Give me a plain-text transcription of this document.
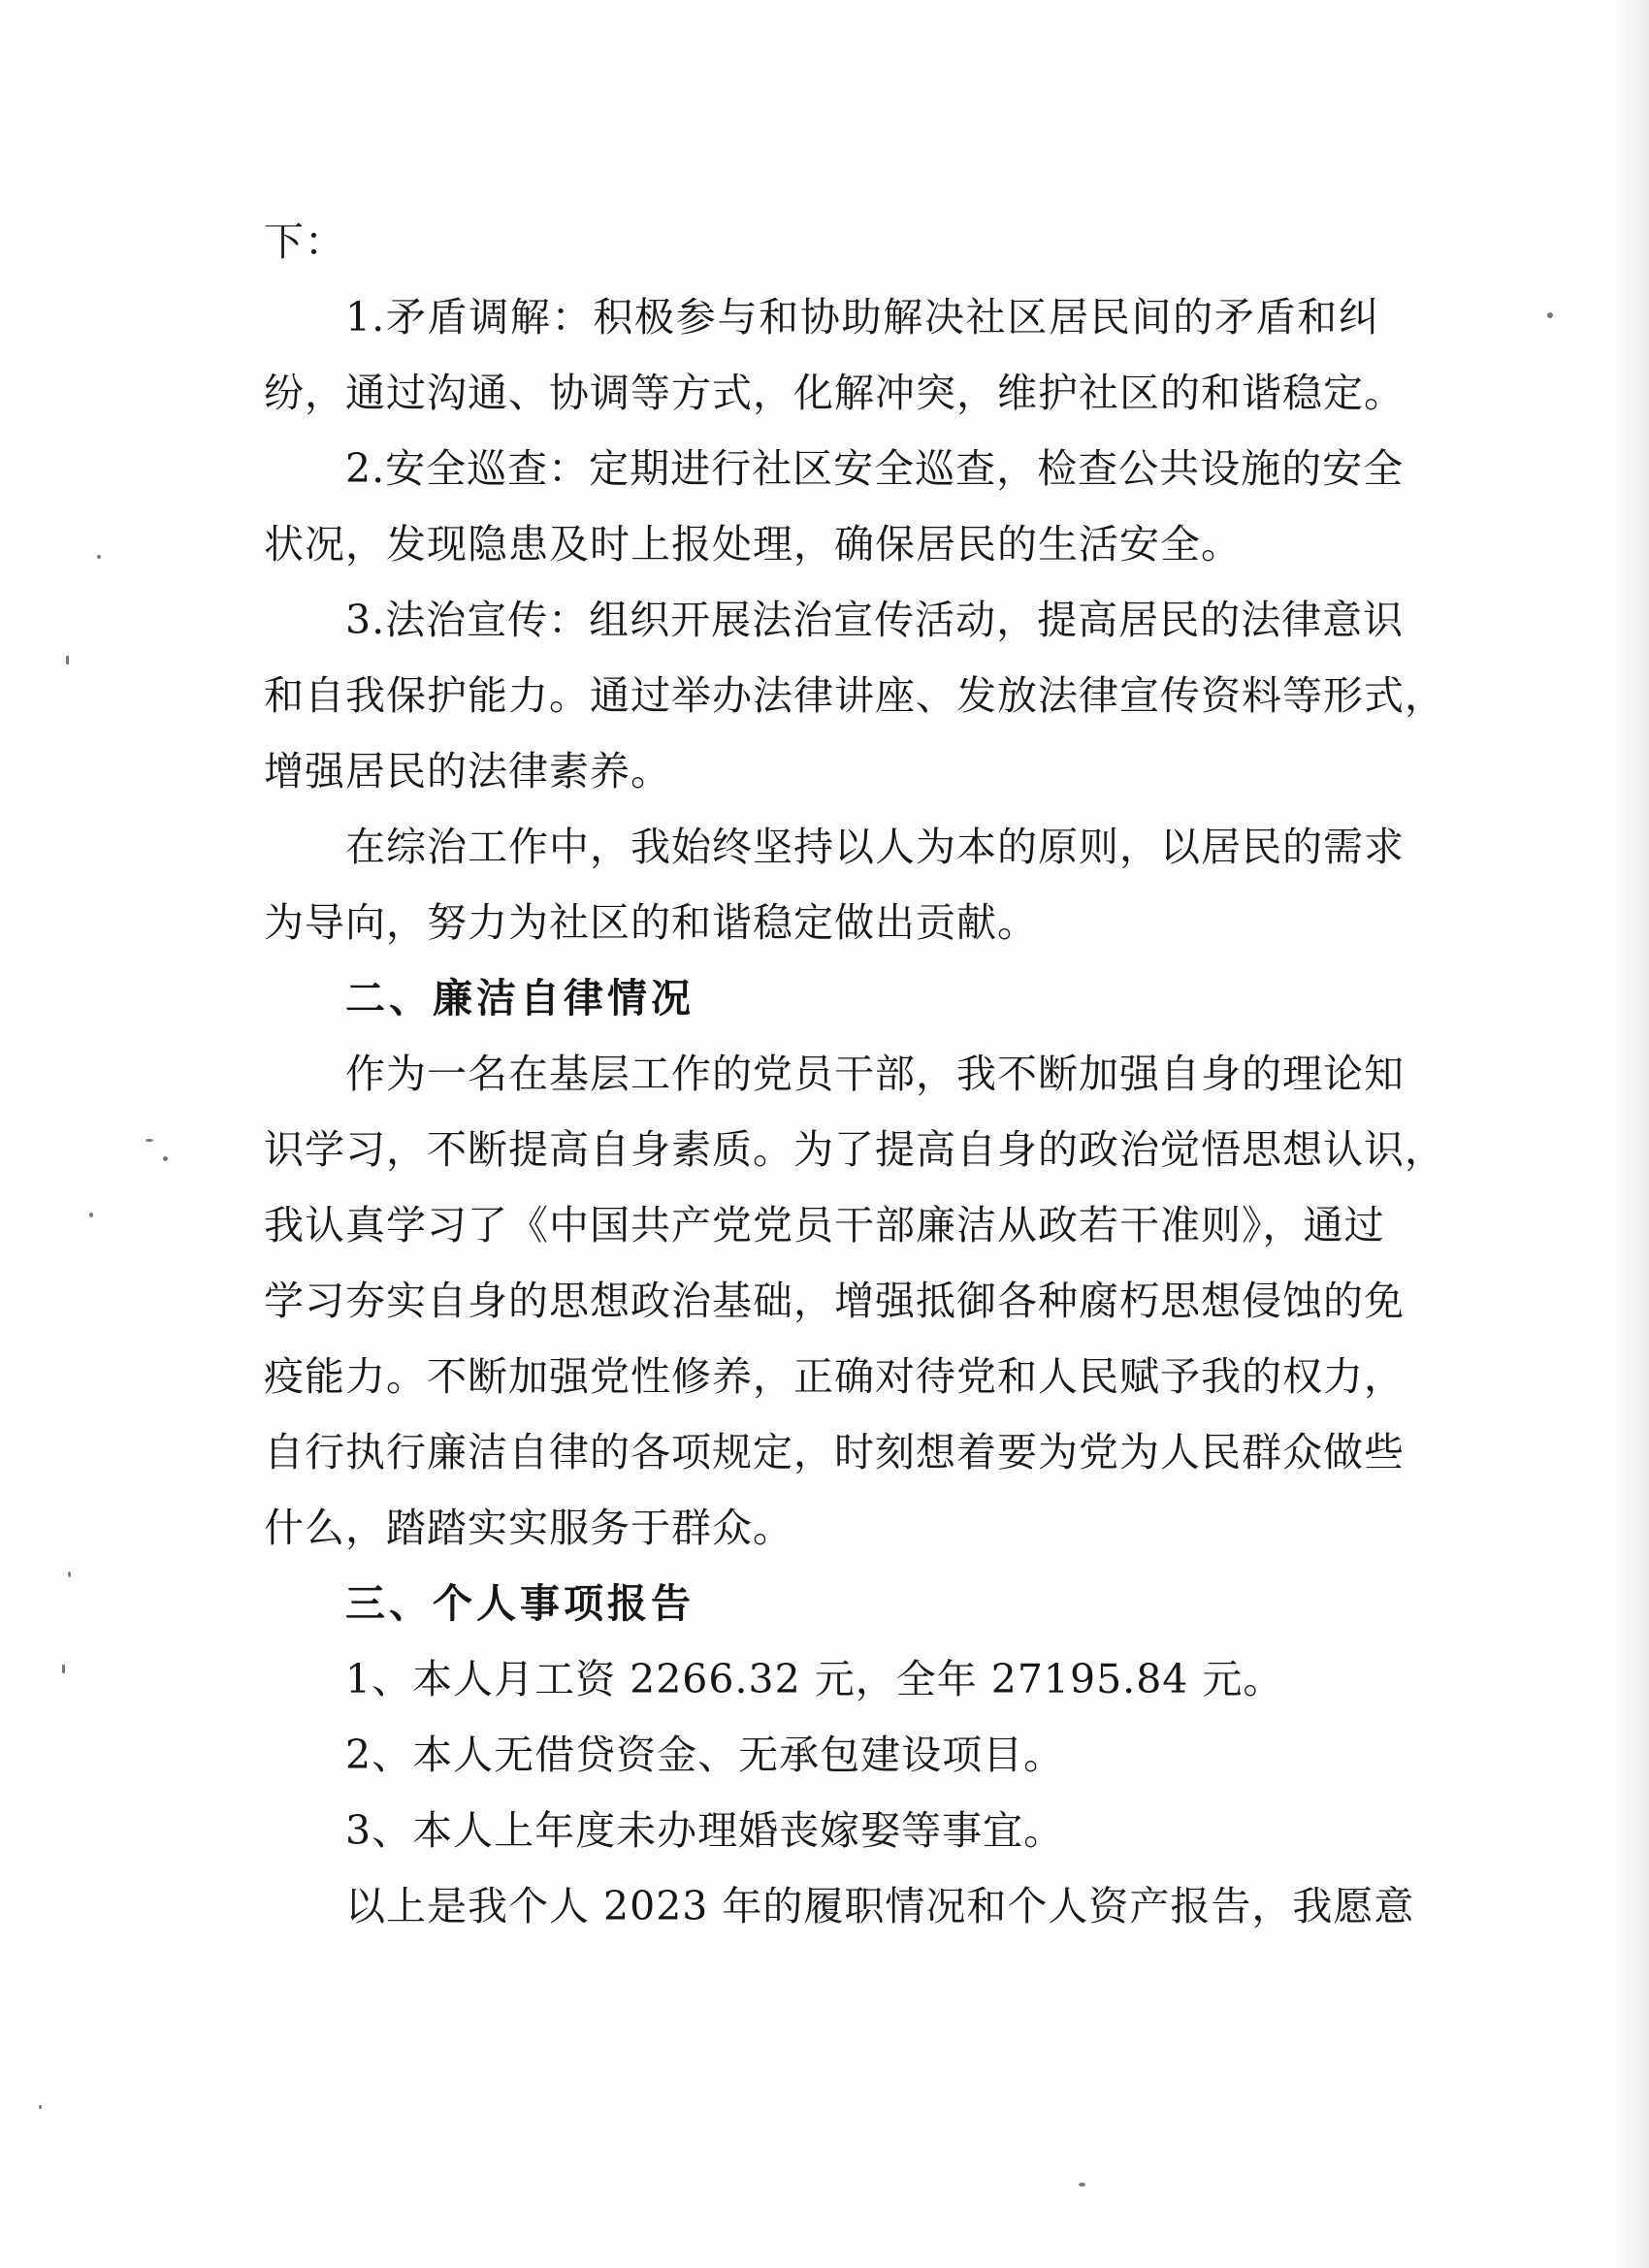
下：
1.矛盾调解：积极参与和协助解决社区居民间的矛盾和纠
纷，通过沟通、协调等方式，化解冲突，维护社区的和谐稳定。
2.安全巡查：定期进行社区安全巡查，检查公共设施的安全
状况，发现隐患及时上报处理，确保居民的生活安全。
3.法治宣传：组织开展法治宣传活动，提高居民的法律意识
和自我保护能力。通过举办法律讲座、发放法律宣传资料等形式，
增强居民的法律素养。
在综治工作中，我始终坚持以人为本的原则，以居民的需求
为导向，努力为社区的和谐稳定做出贡献。
二、廉洁自律情况
作为一名在基层工作的党员干部，我不断加强自身的理论知
识学习，不断提高自身素质。为了提高自身的政治觉悟思想认识，
我认真学习了《中国共产党党员干部廉洁从政若干准则》，通过
学习夯实自身的思想政治基础，增强抵御各种腐朽思想侵蚀的免
疫能力。不断加强党性修养，正确对待党和人民赋予我的权力，
自行执行廉洁自律的各项规定，时刻想着要为党为人民群众做些
什么，踏踏实实服务于群众。
三、个人事项报告
1、本人月工资 2266.32 元，全年 27195.84 元。
2、本人无借贷资金、无承包建设项目。
3、本人上年度未办理婚丧嫁娶等事宜。
以上是我个人 2023 年的履职情况和个人资产报告，我愿意
